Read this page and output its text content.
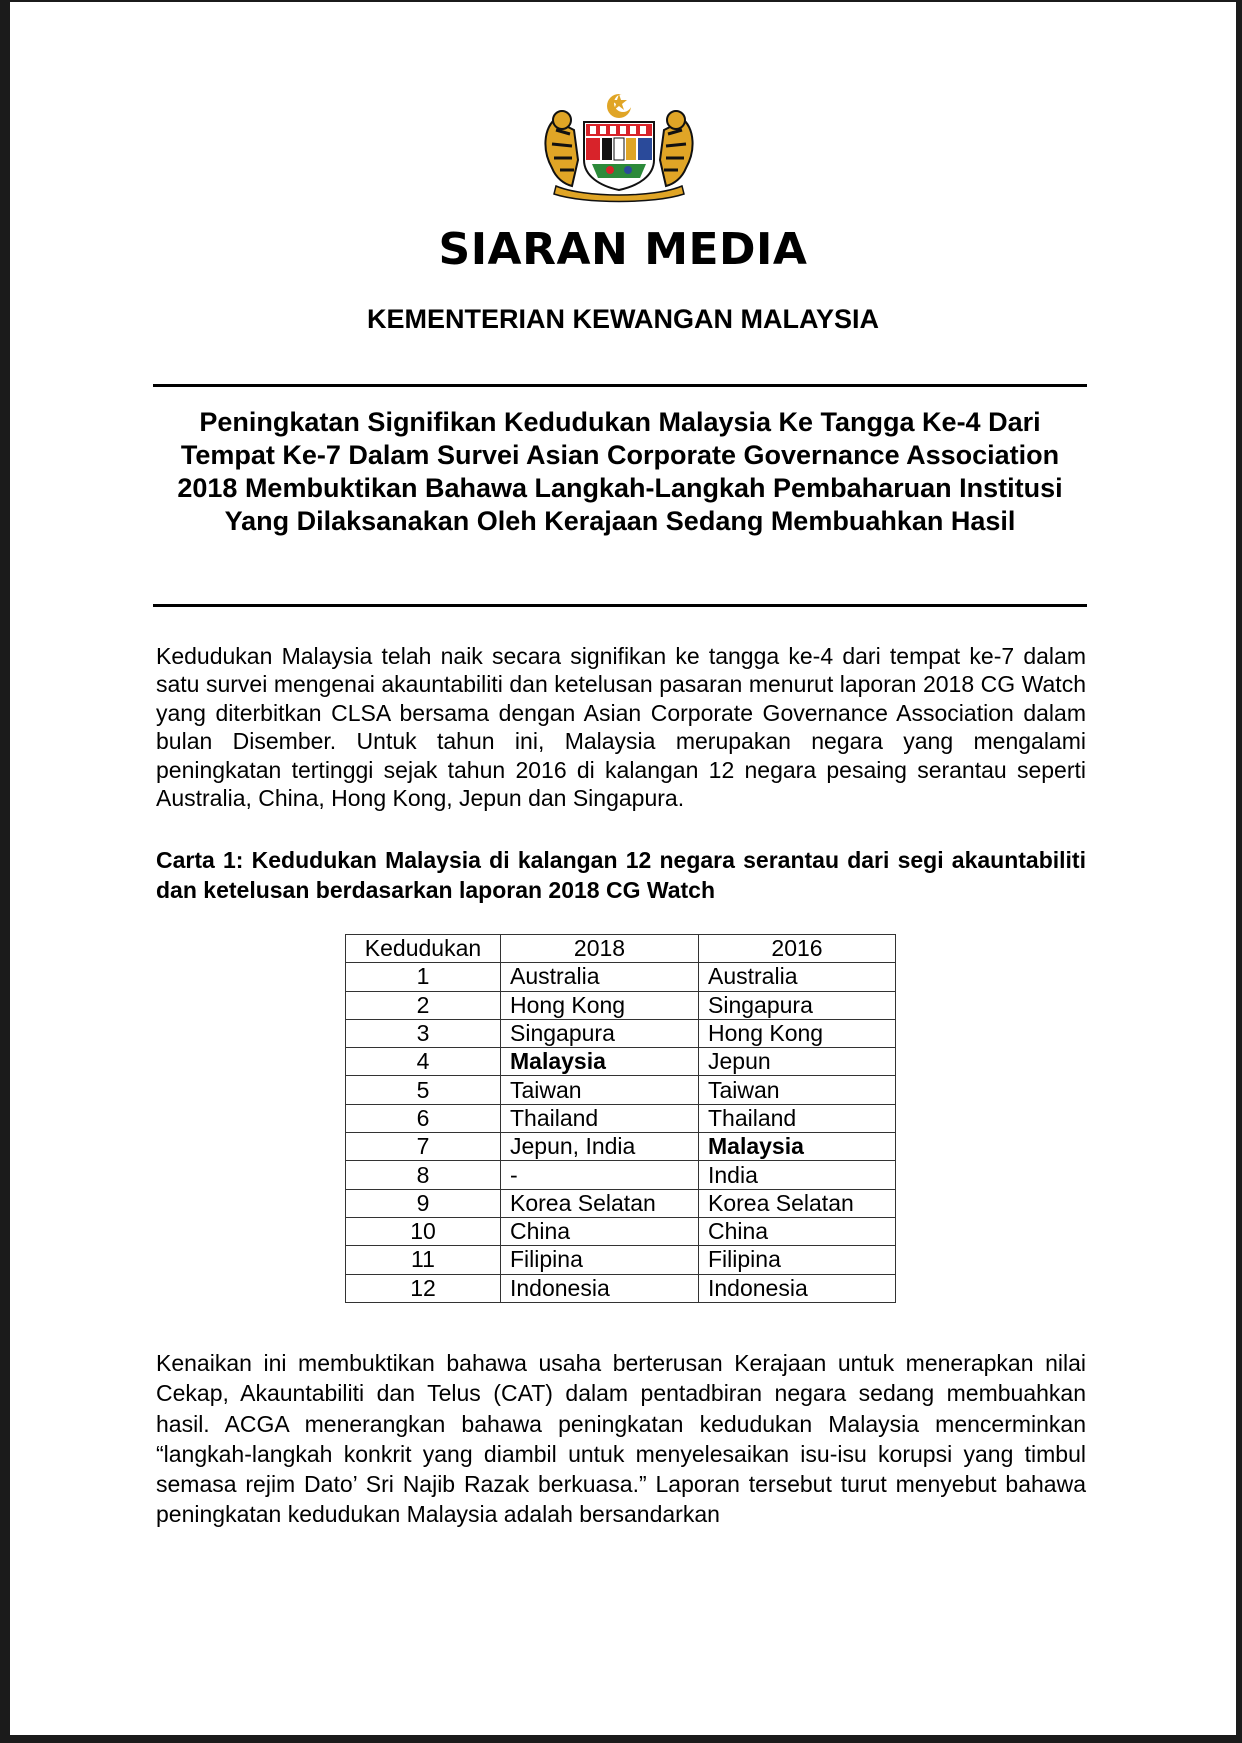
SIARAN MEDIA
KEMENTERIAN KEWANGAN MALAYSIA
Peningkatan Signifikan Kedudukan Malaysia Ke Tangga Ke-4 Dari Tempat Ke-7 Dalam Survei Asian Corporate Governance Association 2018 Membuktikan Bahawa Langkah-Langkah Pembaharuan Institusi Yang Dilaksanakan Oleh Kerajaan Sedang Membuahkan Hasil
Kedudukan Malaysia telah naik secara signifikan ke tangga ke-4 dari tempat ke-7 dalam satu survei mengenai akauntabiliti dan ketelusan pasaran menurut laporan 2018 CG Watch yang diterbitkan CLSA bersama dengan Asian Corporate Governance Association dalam bulan Disember. Untuk tahun ini, Malaysia merupakan negara yang mengalami peningkatan tertinggi sejak tahun 2016 di kalangan 12 negara pesaing serantau seperti Australia, China, Hong Kong, Jepun dan Singapura.
Carta 1: Kedudukan Malaysia di kalangan 12 negara serantau dari segi akauntabiliti dan ketelusan berdasarkan laporan 2018 CG Watch
Kedudukan	2018	2016
1	Australia	Australia
2	Hong Kong	Singapura
3	Singapura	Hong Kong
4	Malaysia	Jepun
5	Taiwan	Taiwan
6	Thailand	Thailand
7	Jepun, India	Malaysia
8	-	India
9	Korea Selatan	Korea Selatan
10	China	China
11	Filipina	Filipina
12	Indonesia	Indonesia
Kenaikan ini membuktikan bahawa usaha berterusan Kerajaan untuk menerapkan nilai Cekap, Akauntabiliti dan Telus (CAT) dalam pentadbiran negara sedang membuahkan hasil. ACGA menerangkan bahawa peningkatan kedudukan Malaysia mencerminkan “langkah-langkah konkrit yang diambil untuk menyelesaikan isu-isu korupsi yang timbul semasa rejim Dato’ Sri Najib Razak berkuasa.” Laporan tersebut turut menyebut bahawa peningkatan kedudukan Malaysia adalah bersandarkan
